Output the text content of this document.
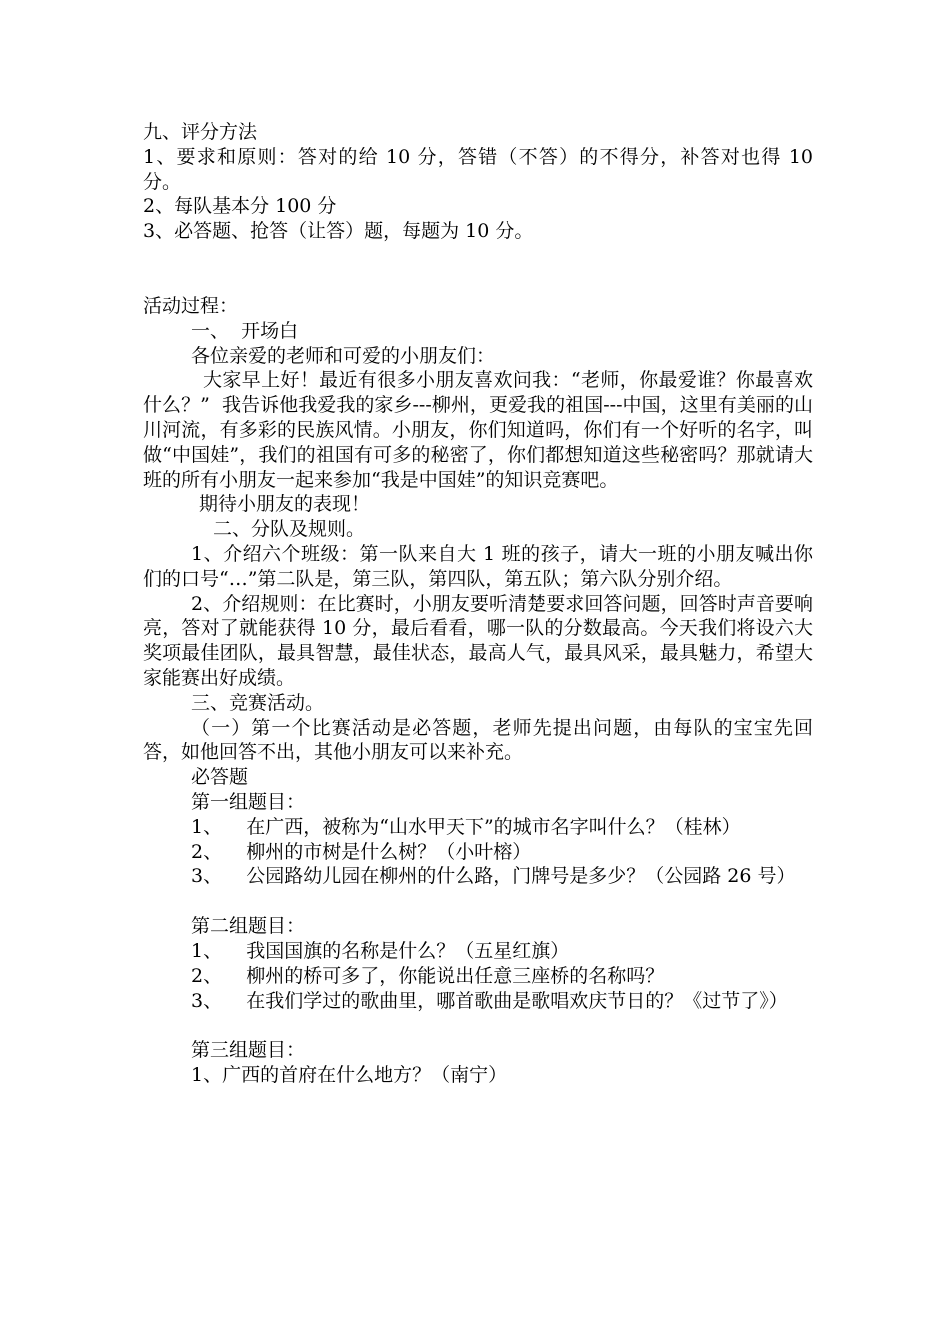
九、评分方法

1、要求和原则：答对的给 10 分，答错（不答）的不得分，补答对也得 10 分。

2、每队基本分 100 分

3、必答题、抢答（让答）题，每题为 10 分。

活动过程：

一、  开场白

各位亲爱的老师和可爱的小朋友们：

大家早上好！最近有很多小朋友喜欢问我：“老师，你最爱谁？你最喜欢什么？”  我告诉他我爱我的家乡---柳州，更爱我的祖国---中国，这里有美丽的山川河流，有多彩的民族风情。小朋友，你们知道吗，你们有一个好听的名字，叫做“中国娃”，我们的祖国有可多的秘密了，你们都想知道这些秘密吗？那就请大班的所有小朋友一起来参加“我是中国娃”的知识竞赛吧。

期待小朋友的表现！

二、分队及规则。

1、介绍六个班级：第一队来自大 1 班的孩子，请大一班的小朋友喊出你们的口号“…”第二队是，第三队，第四队，第五队；第六队分别介绍。

2、介绍规则：在比赛时，小朋友要听清楚要求回答问题，回答时声音要响亮，答对了就能获得 10 分，最后看看，哪一队的分数最高。今天我们将设六大奖项最佳团队，最具智慧，最佳状态，最高人气，最具风采，最具魅力，希望大家能赛出好成绩。

三、竞赛活动。

（一）第一个比赛活动是必答题，老师先提出问题，由每队的宝宝先回答，如他回答不出，其他小朋友可以来补充。

必答题

第一组题目：

1、    在广西，被称为“山水甲天下”的城市名字叫什么？（桂林）

2、    柳州的市树是什么树？（小叶榕）

3、    公园路幼儿园在柳州的什么路，门牌号是多少？（公园路 26 号）

第二组题目：

1、    我国国旗的名称是什么？（五星红旗）

2、    柳州的桥可多了，你能说出任意三座桥的名称吗？

3、    在我们学过的歌曲里，哪首歌曲是歌唱欢庆节日的？《过节了》）

第三组题目：

1、广西的首府在什么地方？（南宁）
